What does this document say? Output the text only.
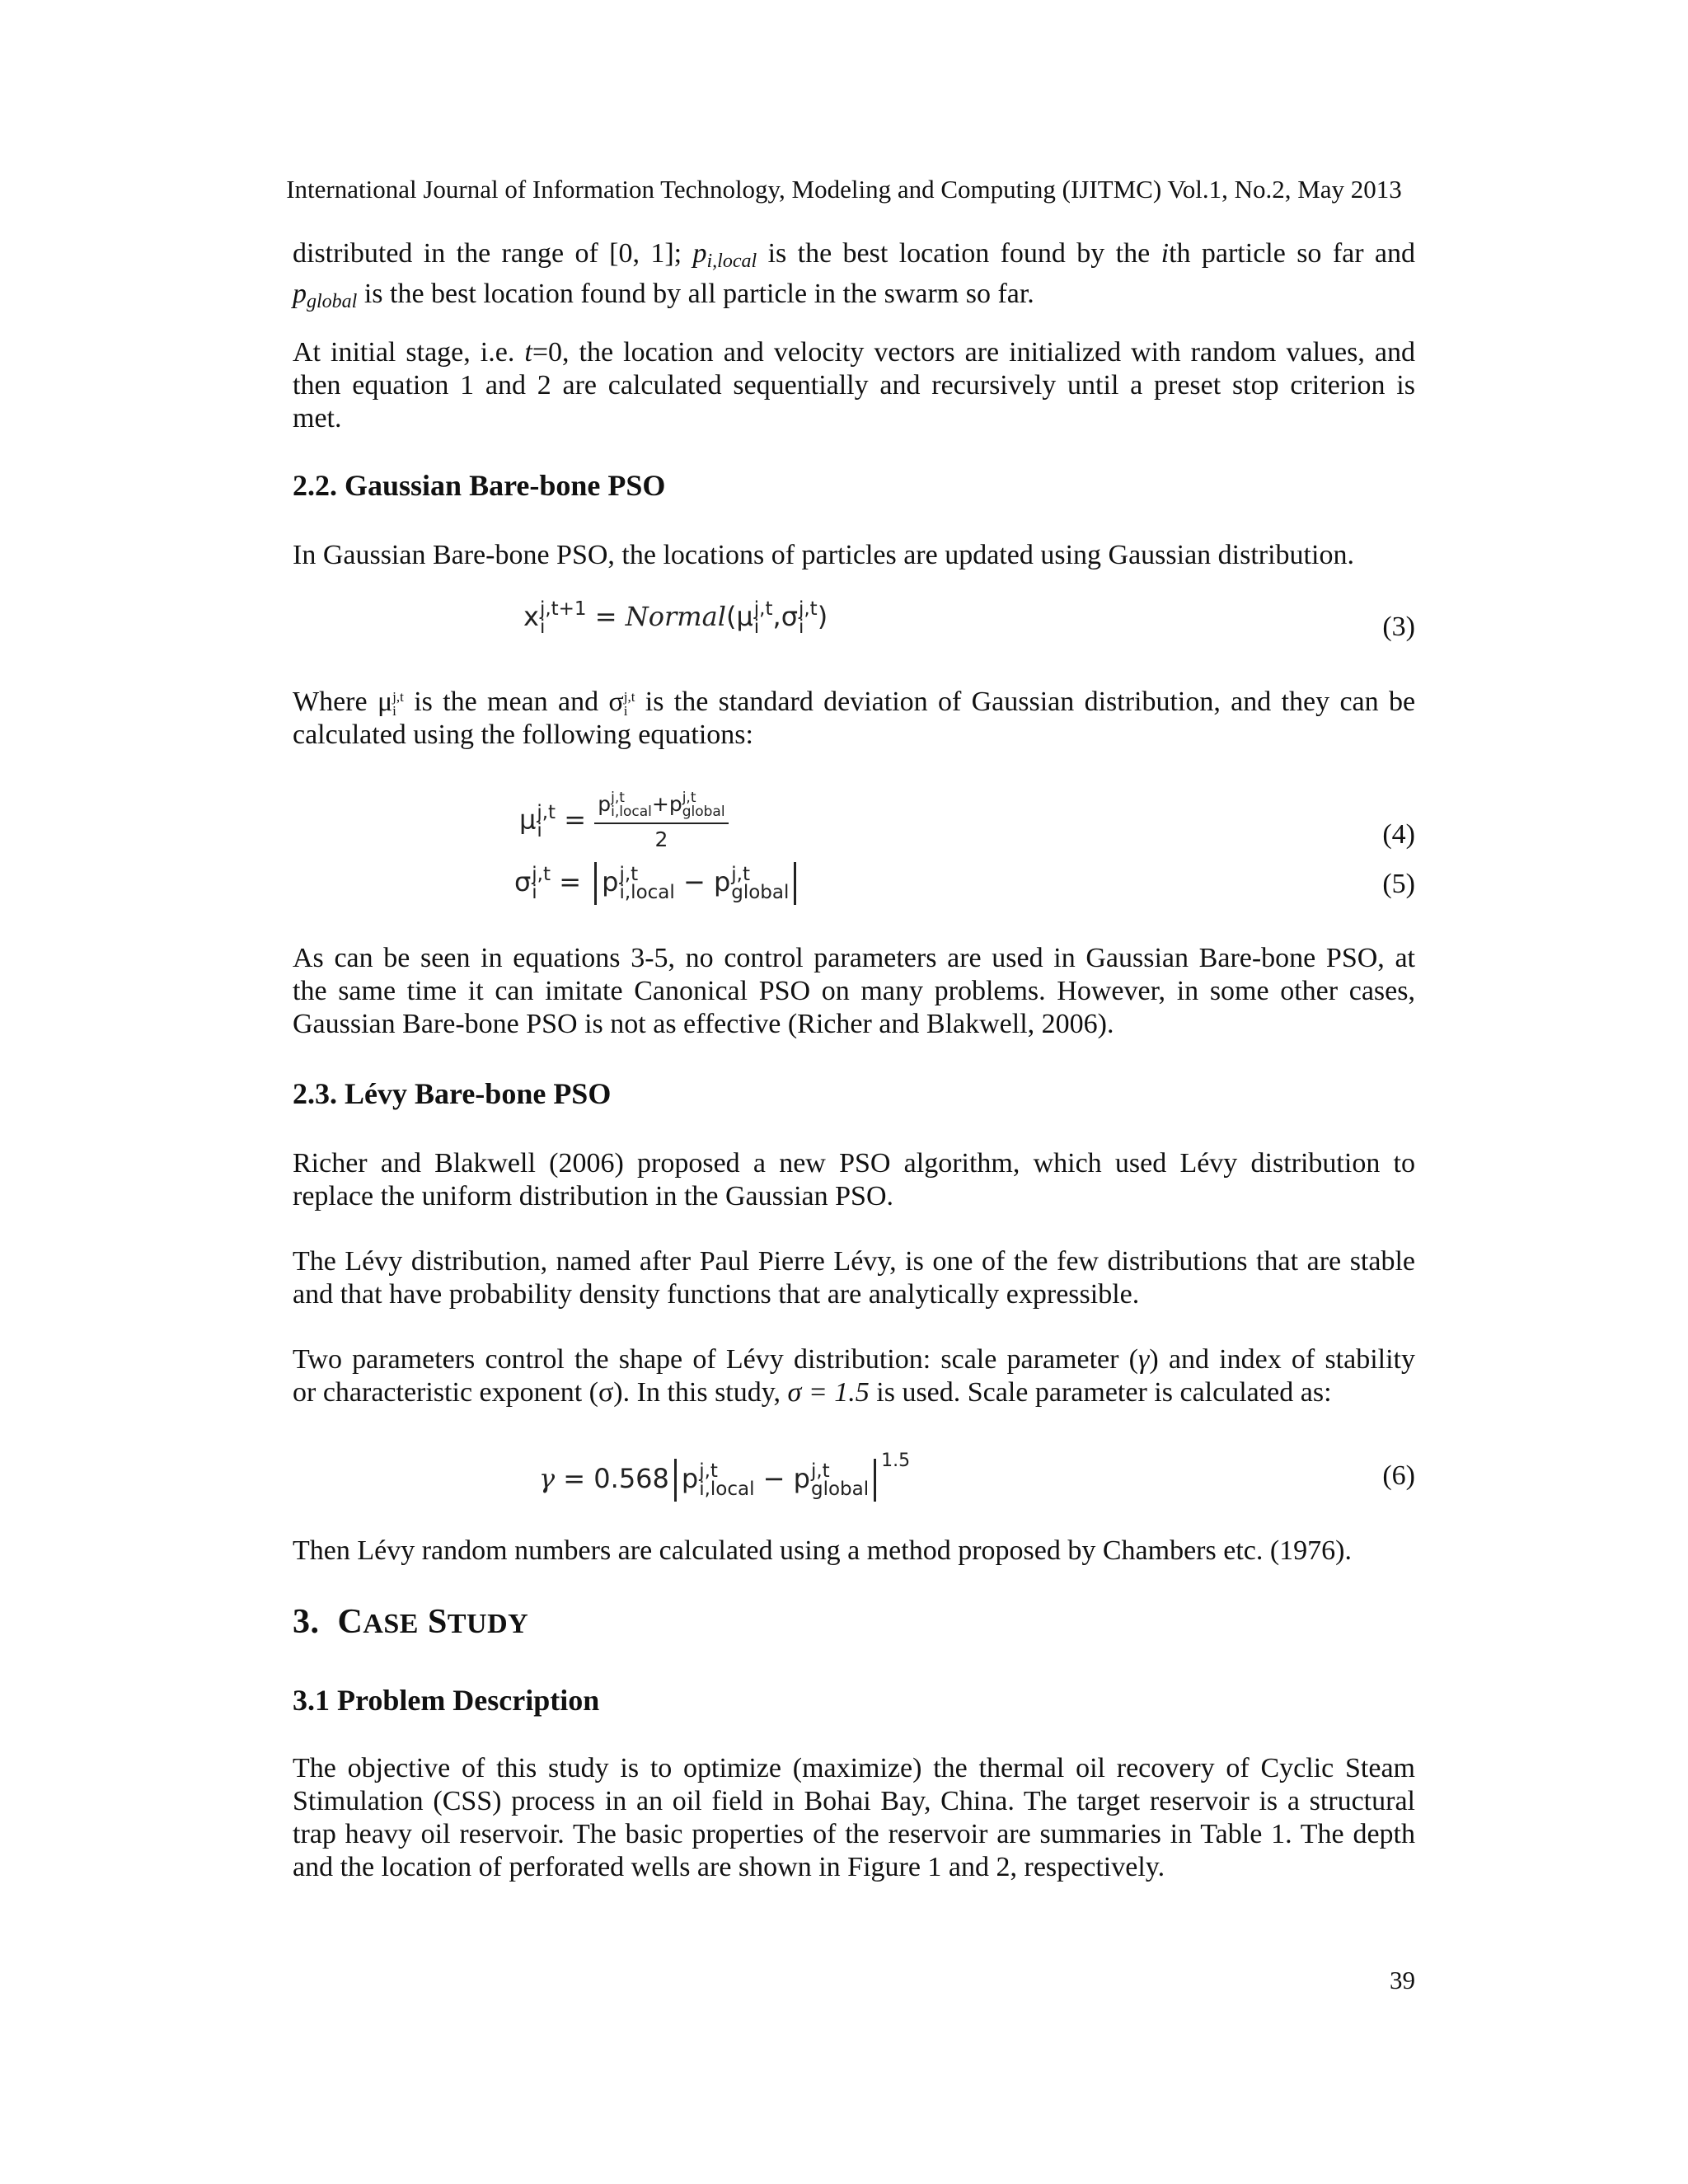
International Journal of Information Technology, Modeling and Computing (IJITMC) Vol.1, No.2, May 2013
distributed in the range of [0, 1]; $p_{i,local}$ is the best location found by the ith particle so far and
$p_{global}$ is the best location found by all particle in the swarm so far.
At initial stage, i.e. t=0, the location and velocity vectors are initialized with random values, and
then equation 1 and 2 are calculated sequentially and recursively until a preset stop criterion is
met.
2.2. Gaussian Bare-bone PSO
In Gaussian Bare-bone PSO, the locations of particles are updated using Gaussian distribution.
x j,t+1
i	= Normal(μ j,t
i ,σ j,t
i )	(3)
Where μ j,t
i is the mean and σ j,t
i is the standard deviation of Gaussian distribution, and they can be
calculated using the following equations:
μ j,t
i = p j,t
i,local +p j,t
global
2	(4)
σ j,t
i = p j,t
i,local − p j,t
global	(5)
As can be seen in equations 3-5, no control parameters are used in Gaussian Bare-bone PSO, at
the same time it can imitate Canonical PSO on many problems. However, in some other cases,
Gaussian Bare-bone PSO is not as effective (Richer and Blakwell, 2006).
2.3. Lévy Bare-bone PSO
Richer and Blakwell (2006) proposed a new PSO algorithm, which used Lévy distribution to
replace the uniform distribution in the Gaussian PSO.
The Lévy distribution, named after Paul Pierre Lévy, is one of the few distributions that are stable
and that have probability density functions that are analytically expressible.
Two parameters control the shape of Lévy distribution: scale parameter (γ) and index of stability
or characteristic exponent (σ). In this study, σ = 1.5 is used. Scale parameter is calculated as:
γ = 0.568 p j,t
i,local − p j,t
global
$^{1.5}$	(6)
Then Lévy random numbers are calculated using a method proposed by Chambers etc. (1976).
3. CASE STUDY
3.1 Problem Description
The objective of this study is to optimize (maximize) the thermal oil recovery of Cyclic Steam
Stimulation (CSS) process in an oil field in Bohai Bay, China. The target reservoir is a structural
trap heavy oil reservoir. The basic properties of the reservoir are summaries in Table 1. The depth
and the location of perforated wells are shown in Figure 1 and 2, respectively.
39
